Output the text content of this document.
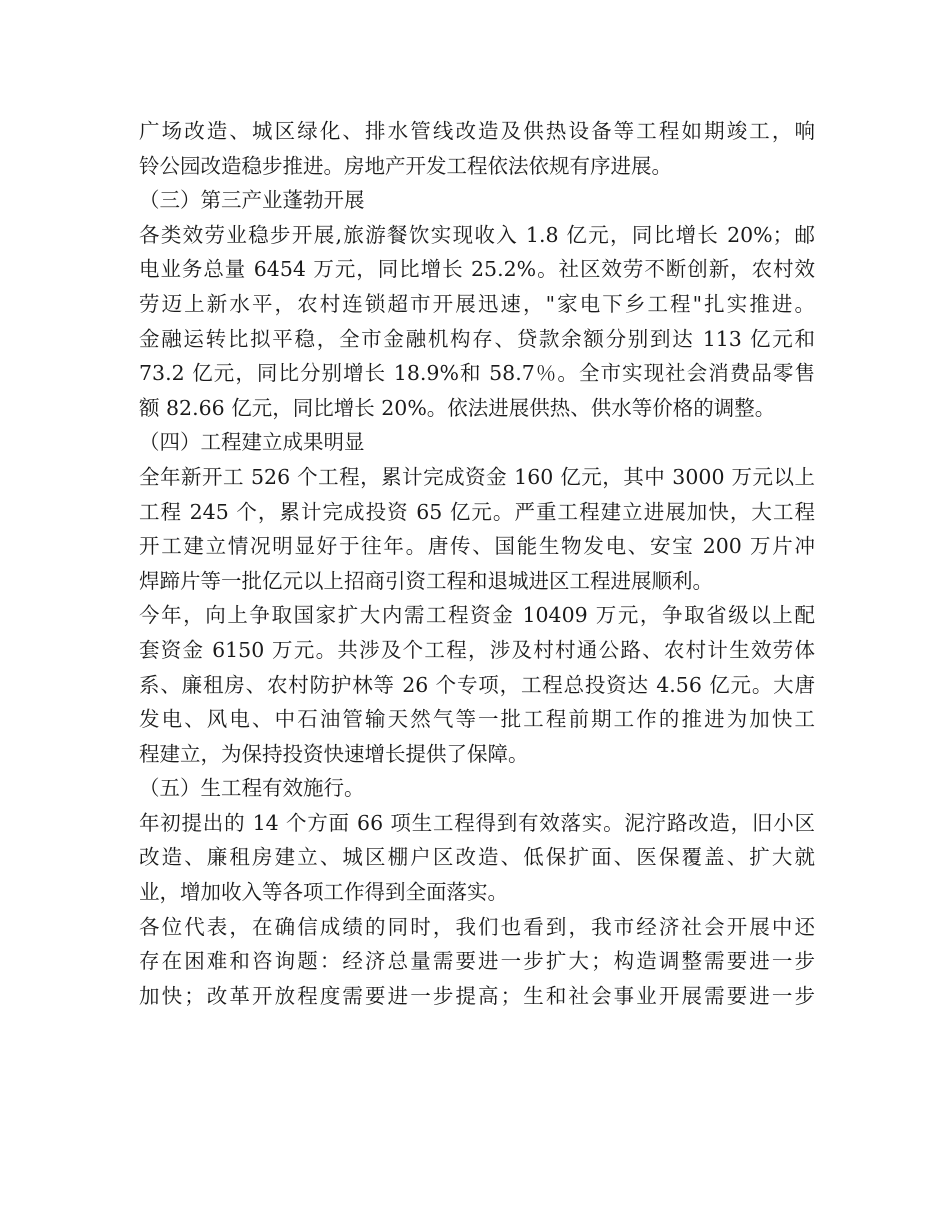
广场改造、城区绿化、排水管线改造及供热设备等工程如期竣工，响
铃公园改造稳步推进。房地产开发工程依法依规有序进展。
（三）第三产业蓬勃开展
各类效劳业稳步开展,旅游餐饮实现收入 1.8 亿元，同比增长 20%；邮
电业务总量 6454 万元，同比增长 25.2%。社区效劳不断创新，农村效
劳迈上新水平，农村连锁超市开展迅速，"家电下乡工程"扎实推进。
金融运转比拟平稳，全市金融机构存、贷款余额分别到达 113 亿元和
73.2 亿元，同比分别增长 18.9%和 58.7％。全市实现社会消费品零售
额 82.66 亿元，同比增长 20%。依法进展供热、供水等价格的调整。
（四）工程建立成果明显
全年新开工 526 个工程，累计完成资金 160 亿元，其中 3000 万元以上
工程 245 个，累计完成投资 65 亿元。严重工程建立进展加快，大工程
开工建立情况明显好于往年。唐传、国能生物发电、安宝 200 万片冲
焊蹄片等一批亿元以上招商引资工程和退城进区工程进展顺利。
今年，向上争取国家扩大内需工程资金 10409 万元，争取省级以上配
套资金 6150 万元。共涉及个工程，涉及村村通公路、农村计生效劳体
系、廉租房、农村防护林等 26 个专项，工程总投资达 4.56 亿元。大唐
发电、风电、中石油管输天然气等一批工程前期工作的推进为加快工
程建立，为保持投资快速增长提供了保障。
（五）生工程有效施行。
年初提出的 14 个方面 66 项生工程得到有效落实。泥泞路改造，旧小区
改造、廉租房建立、城区棚户区改造、低保扩面、医保覆盖、扩大就
业，增加收入等各项工作得到全面落实。
各位代表，在确信成绩的同时，我们也看到，我市经济社会开展中还
存在困难和咨询题：经济总量需要进一步扩大；构造调整需要进一步
加快；改革开放程度需要进一步提高；生和社会事业开展需要进一步
